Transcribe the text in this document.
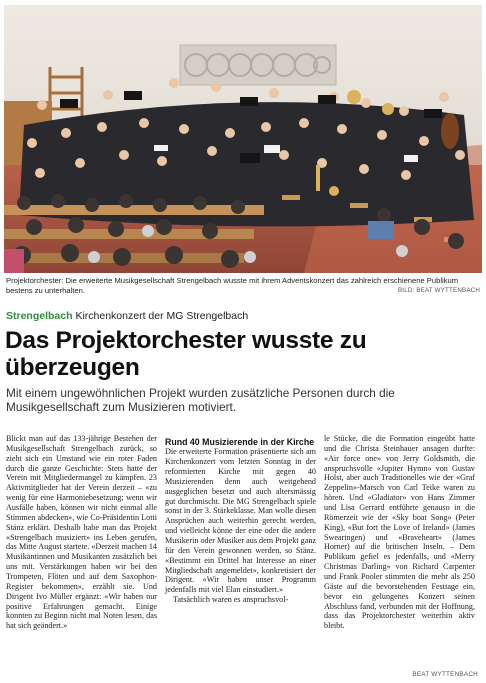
Projektorchester: Die erweiterte Musikgesellschaft Strengelbach wusste mit ihrem Adventskonzert das zahlreich erschienene Publikum bestens zu unterhalten.	BILD: BEAT WYTTENBACH
Strengelbach Kirchenkonzert der MG Strengelbach
Das Projektorchester wusste zu überzeugen

Mit einem ungewöhnlichen Projekt wurden zusätzliche Personen durch die Musikgesellschaft zum Musizieren motiviert.

Blickt man auf das 133-jährige Bestehen der Musikgesellschaft Strengelbach zurück, so zieht sich ein Umstand wie ein roter Faden durch die ganze Geschichte: Stets hatte der Verein mit Mitgliedermangel zu kämpfen. 23 Aktivmitglieder hat der Verein derzeit – «zu wenig für eine Harmoniebesetzung; wenn wir Ausfälle haben, können wir nicht einmal alle Stimmen abdecken», wie Co-Präsidentin Lotti Stänz erklärt. Deshalb habe man das Projekt «Strengelbach musiziert» ins Leben gerufen, das Mitte August startete. «Derzeit machen 14 Musikantinnen und Musikanten zusätzlich bei uns mit. Verstärkungen haben wir bei den Trompeten, Flöten und auf dem Saxophon-Register bekommen», erzählt sie. Und Dirigent Ivo Müller ergänzt: «Wir haben nur positive Erfahrungen gemacht. Einige konnten zu Beginn nicht mal Noten lesen, das hat sich geändert.»

Rund 40 Musizierende in der Kirche

Die erweiterte Formation präsentierte sich am Kirchenkonzert vom letzten Sonntag in der reformierten Kirche mit gegen 40 Musizierenden denn auch weitgehend ausgeglichen besetzt und auch altersmässig gut durchmischt. Die MG Strengelbach spiele sonst in der 3. Stärkeklasse. Man wolle diesen Ansprüchen auch weiterhin gerecht werden, und vielleicht könne der eine oder die andere Musikerin oder Musiker aus dem Projekt ganz für den Verein gewonnen werden, so Stänz. «Bestimmt ein Drittel hat Interesse an einer Mitgliedschaft angemeldet», konkretisiert der Dirigent. «Wir haben unser Programm jedenfalls mit viel Elan einstudiert.»

Tatsächlich waren es anspruchsvol-

le Stücke, die die Formation eingeübt hatte und die Christa Steinhauer ansagen durfte: «Air force one» von Jerry Goldsmith, die anspruchsvolle «Jupiter Hymn» von Gustav Holst, aber auch Traditionelles wie der «Graf Zeppelin»-Marsch von Carl Teike waren zu hören. Und «Gladiator» von Hans Zimmer und Lisa Gerrard entführte genauso in die Römerzeit wie der «Sky boat Song» (Peter King), «But fort the Love of Ireland» (James Swearingen) und «Braveheart» (James Horner) auf die britischen Inseln. – Dem Publikum gefiel es jedenfalls, und «Merry Christmas Darling» von Richard Carpenter und Frank Pooler stimmten die mehr als 250 Gäste auf die bevorstehenden Festtage ein, bevor ein gelungenes Konzert seinen Abschluss fand, verbunden mit der Hoffnung, dass das Projektorchester weiterhin aktiv bleibt.

BEAT WYTTENBACH
